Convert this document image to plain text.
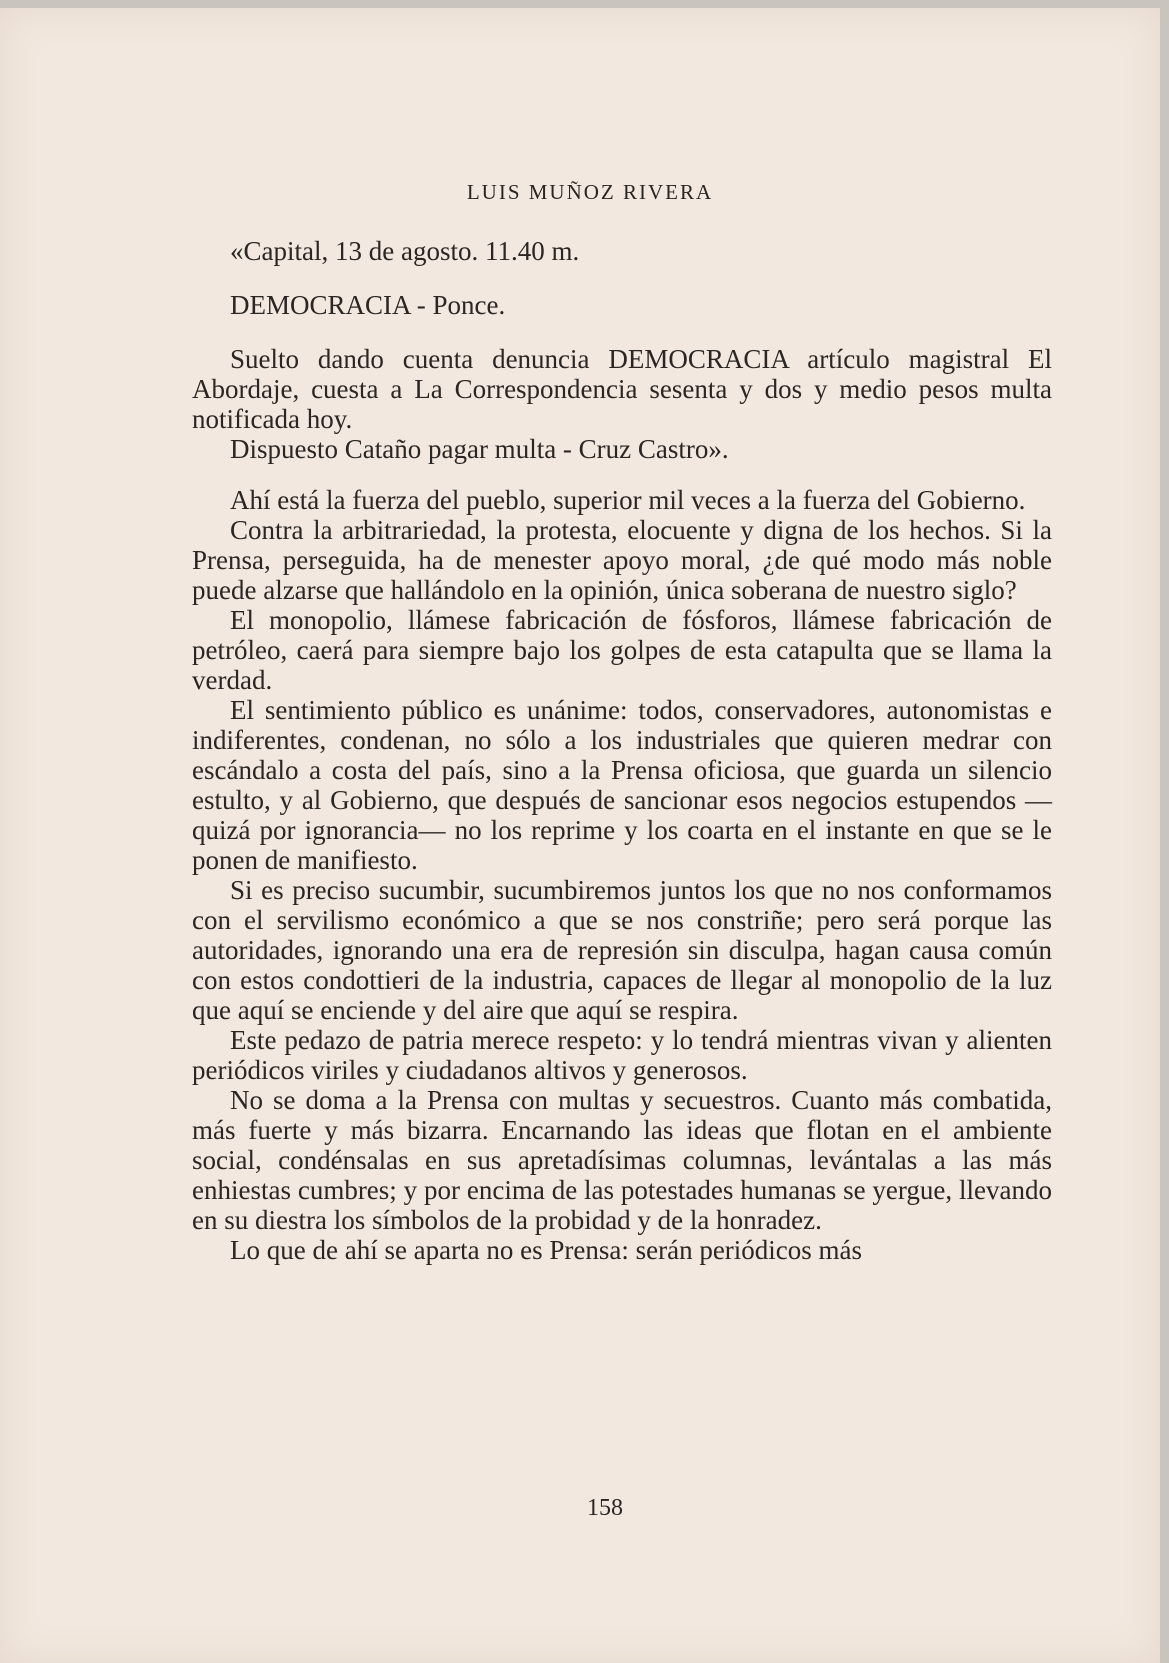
LUIS MUÑOZ RIVERA

«Capital, 13 de agosto. 11.40 m.

DEMOCRACIA - Ponce.

Suelto dando cuenta denuncia DEMOCRACIA artículo magistral El Abordaje, cuesta a La Correspondencia sesenta y dos y medio pesos multa notificada hoy.

Dispuesto Cataño pagar multa - Cruz Castro».

Ahí está la fuerza del pueblo, superior mil veces a la fuerza del Gobierno.

Contra la arbitrariedad, la protesta, elocuente y digna de los hechos. Si la Prensa, perseguida, ha de menester apoyo moral, ¿de qué modo más noble puede alzarse que hallándolo en la opinión, única soberana de nuestro siglo?

El monopolio, llámese fabricación de fósforos, llámese fabricación de petróleo, caerá para siempre bajo los golpes de esta catapulta que se llama la verdad.

El sentimiento público es unánime: todos, conservadores, autonomistas e indiferentes, condenan, no sólo a los industriales que quieren medrar con escándalo a costa del país, sino a la Prensa oficiosa, que guarda un silencio estulto, y al Gobierno, que después de sancionar esos negocios estupendos —quizá por ignorancia— no los reprime y los coarta en el instante en que se le ponen de manifiesto.

Si es preciso sucumbir, sucumbiremos juntos los que no nos conformamos con el servilismo económico a que se nos constriñe; pero será porque las autoridades, ignorando una era de represión sin disculpa, hagan causa común con estos condottieri de la industria, capaces de llegar al monopolio de la luz que aquí se enciende y del aire que aquí se respira.

Este pedazo de patria merece respeto: y lo tendrá mientras vivan y alienten periódicos viriles y ciudadanos altivos y generosos.

No se doma a la Prensa con multas y secuestros. Cuanto más combatida, más fuerte y más bizarra. Encarnando las ideas que flotan en el ambiente social, condénsalas en sus apretadísimas columnas, levántalas a las más enhiestas cumbres; y por encima de las potestades humanas se yergue, llevando en su diestra los símbolos de la probidad y de la honradez.

Lo que de ahí se aparta no es Prensa: serán periódicos más

158
